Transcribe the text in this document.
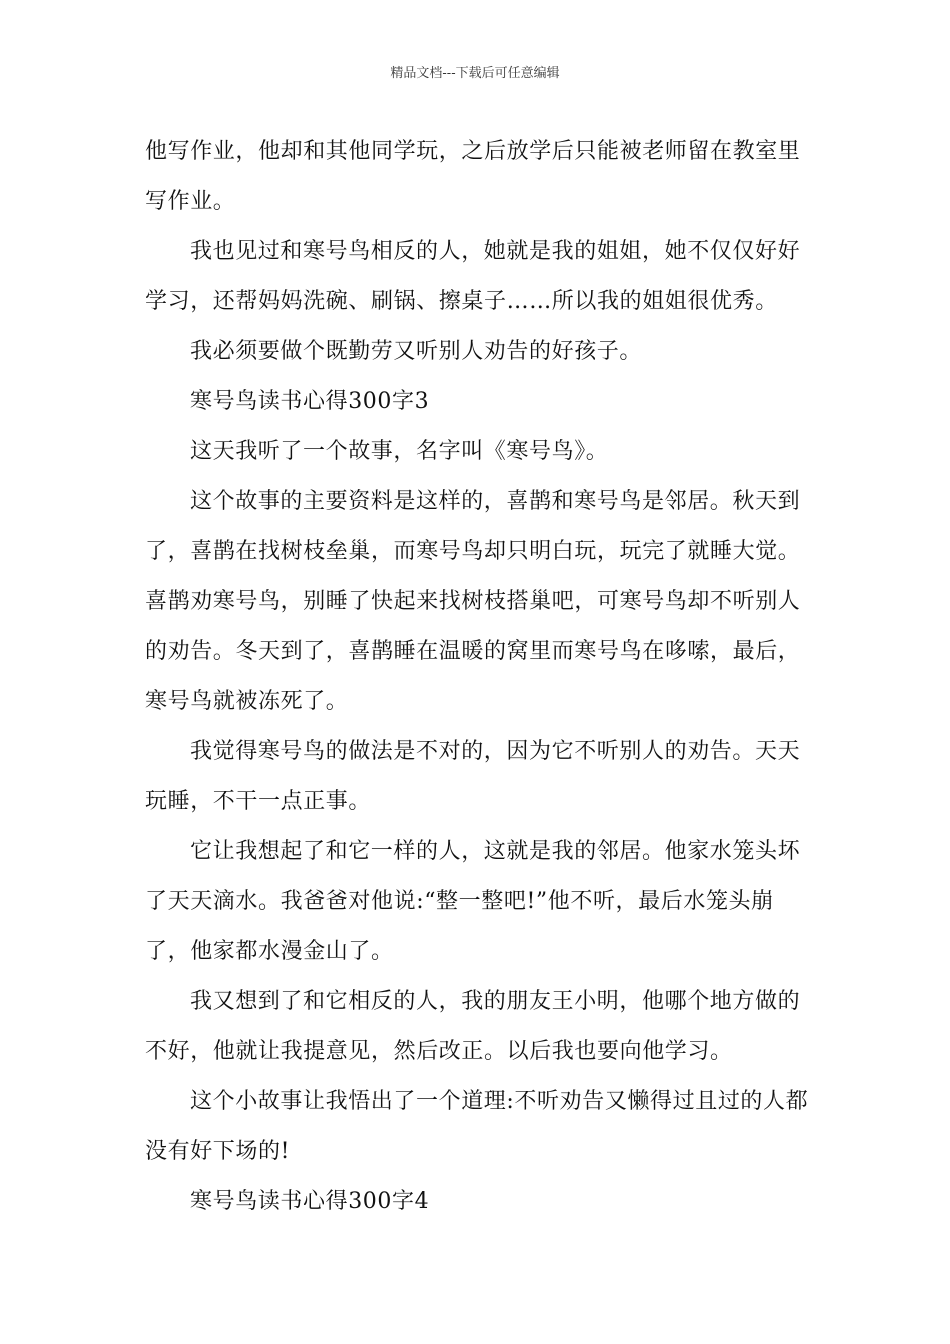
精品文档---下载后可任意编辑
他写作业，他却和其他同学玩，之后放学后只能被老师留在教室里
写作业。
我也见过和寒号鸟相反的人，她就是我的姐姐，她不仅仅好好
学习，还帮妈妈洗碗、刷锅、擦桌子……所以我的姐姐很优秀。
我必须要做个既勤劳又听别人劝告的好孩子。
寒号鸟读书心得300字3
这天我听了一个故事，名字叫《寒号鸟》。
这个故事的主要资料是这样的，喜鹊和寒号鸟是邻居。秋天到
了，喜鹊在找树枝垒巢，而寒号鸟却只明白玩，玩完了就睡大觉。
喜鹊劝寒号鸟，别睡了快起来找树枝搭巢吧，可寒号鸟却不听别人
的劝告。冬天到了，喜鹊睡在温暖的窝里而寒号鸟在哆嗦，最后，
寒号鸟就被冻死了。
我觉得寒号鸟的做法是不对的，因为它不听别人的劝告。天天
玩睡，不干一点正事。
它让我想起了和它一样的人，这就是我的邻居。他家水笼头坏
了天天滴水。我爸爸对他说:“整一整吧!”他不听，最后水笼头崩
了，他家都水漫金山了。
我又想到了和它相反的人，我的朋友王小明，他哪个地方做的
不好，他就让我提意见，然后改正。以后我也要向他学习。
这个小故事让我悟出了一个道理:不听劝告又懒得过且过的人都
没有好下场的!
寒号鸟读书心得300字4
